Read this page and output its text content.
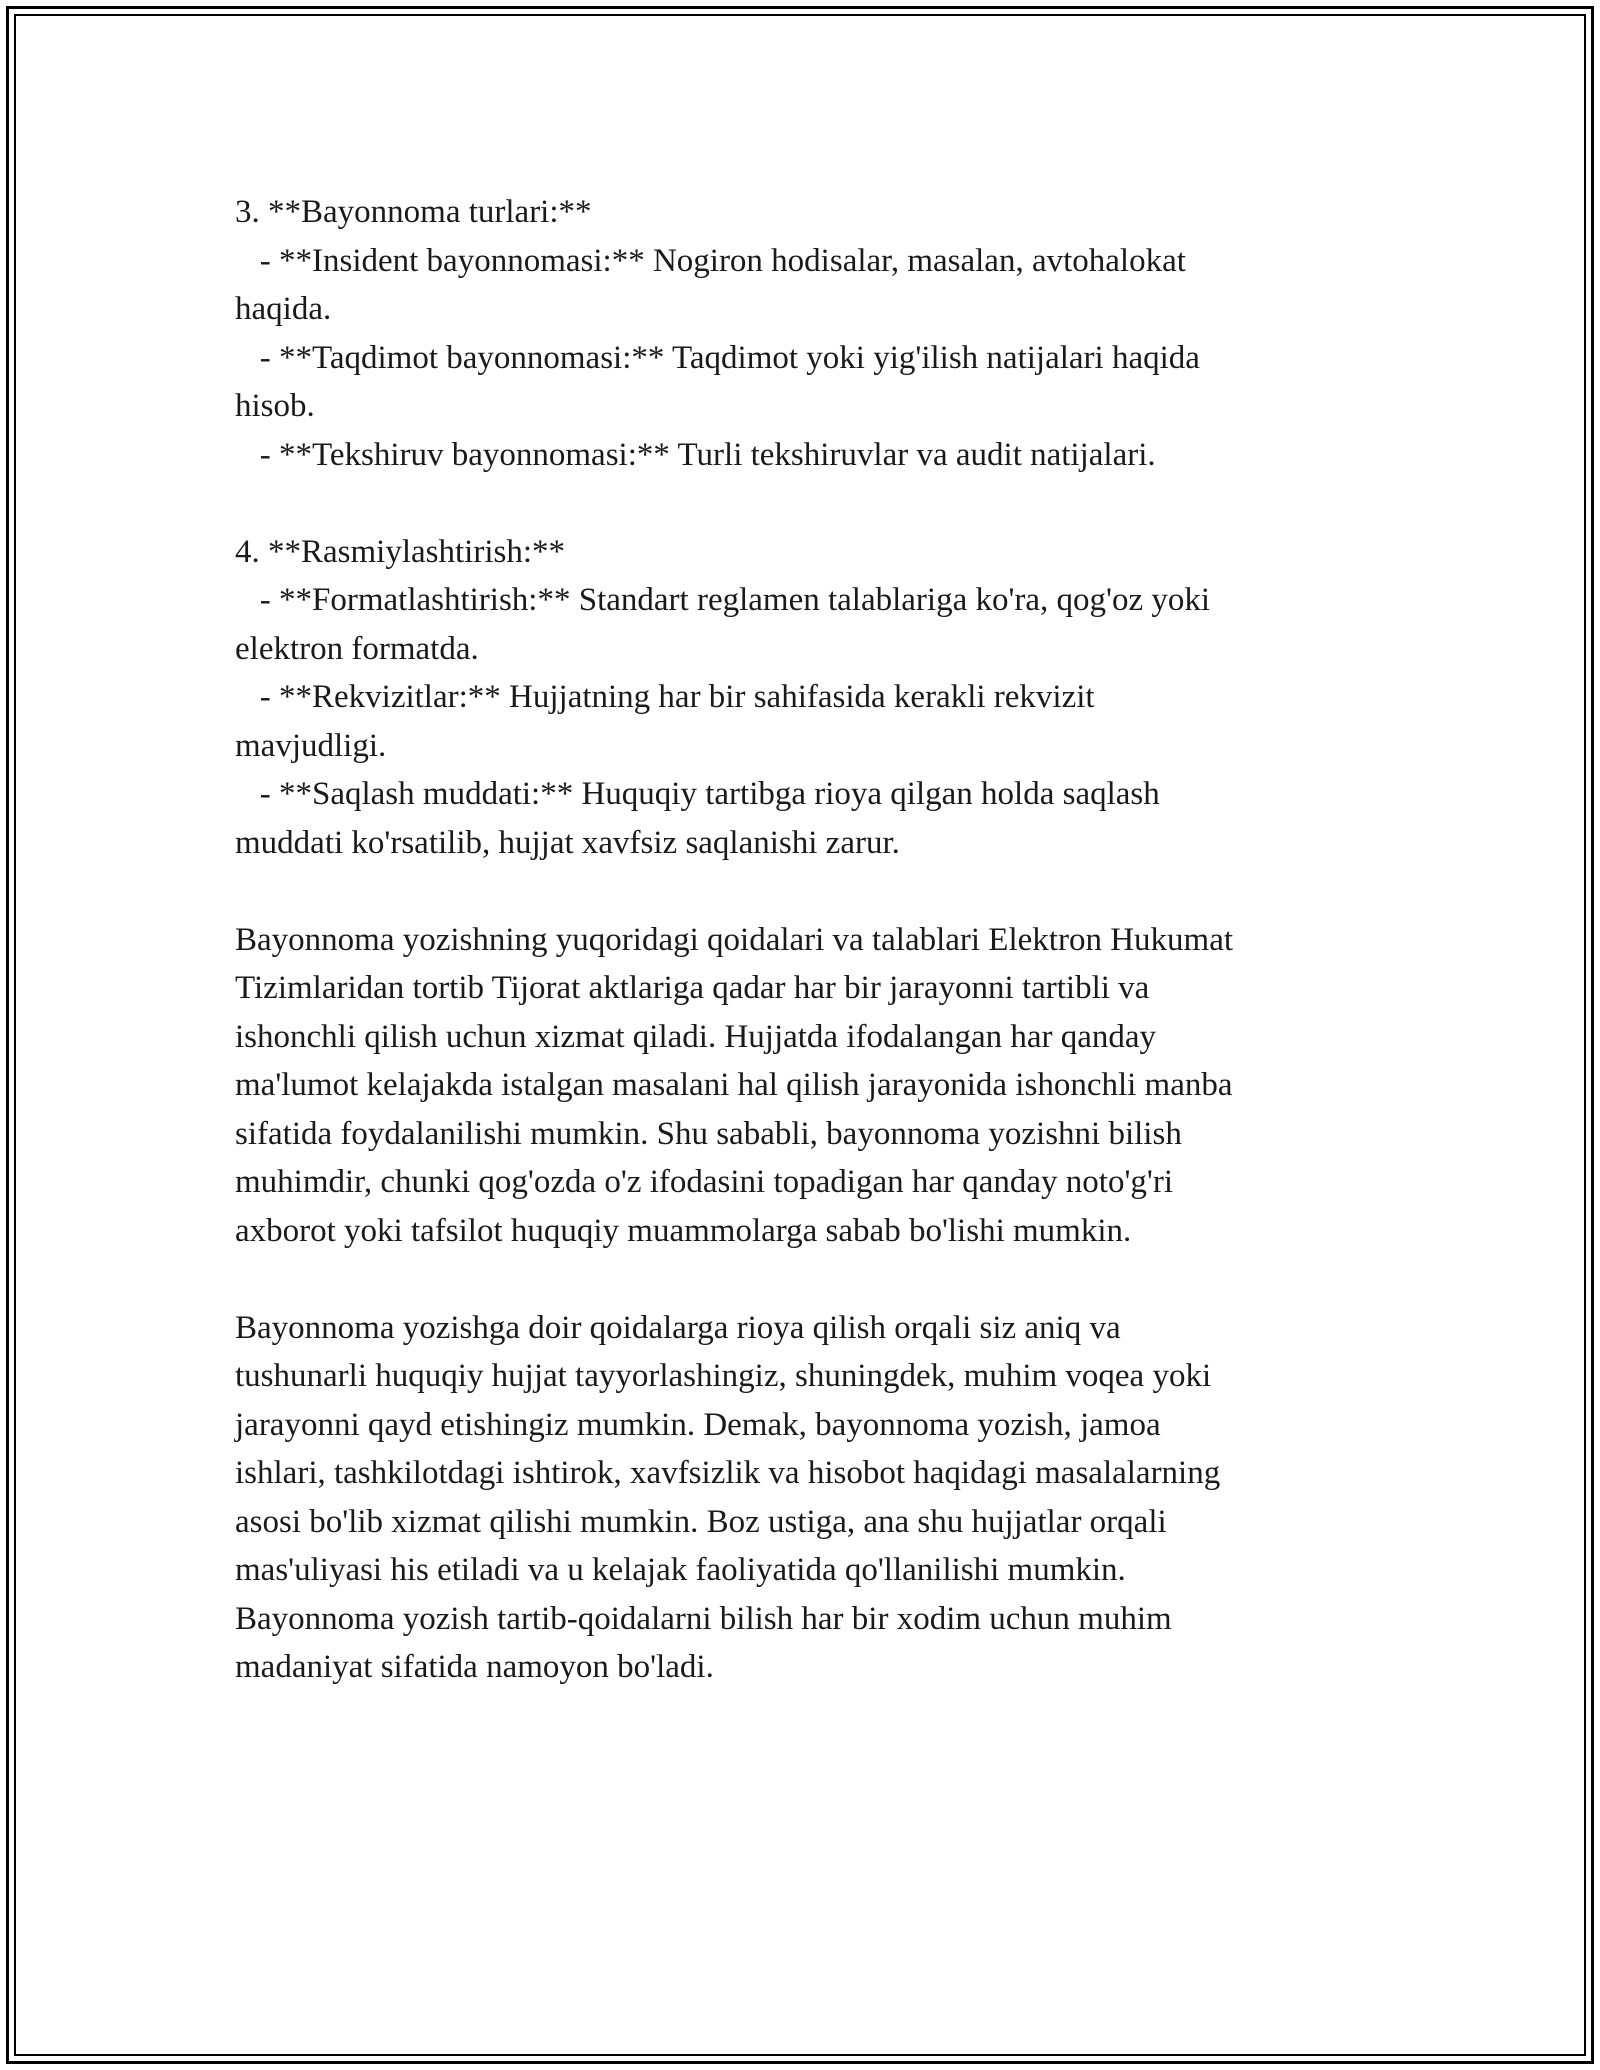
3. **Bayonnoma turlari:**

- **Insident bayonnomasi:** Nogiron hodisalar, masalan, avtohalokat

haqida.

- **Taqdimot bayonnomasi:** Taqdimot yoki yig'ilish natijalari haqida

hisob.

- **Tekshiruv bayonnomasi:** Turli tekshiruvlar va audit natijalari.

4. **Rasmiylashtirish:**

- **Formatlashtirish:** Standart reglamen talablariga ko'ra, qog'oz yoki

elektron formatda.

- **Rekvizitlar:** Hujjatning har bir sahifasida kerakli rekvizit

mavjudligi.

- **Saqlash muddati:** Huquqiy tartibga rioya qilgan holda saqlash

muddati ko'rsatilib, hujjat xavfsiz saqlanishi zarur.

Bayonnoma yozishning yuqoridagi qoidalari va talablari Elektron Hukumat

Tizimlaridan tortib Tijorat aktlariga qadar har bir jarayonni tartibli va

ishonchli qilish uchun xizmat qiladi. Hujjatda ifodalangan har qanday

ma'lumot kelajakda istalgan masalani hal qilish jarayonida ishonchli manba

sifatida foydalanilishi mumkin. Shu sababli, bayonnoma yozishni bilish

muhimdir, chunki qog'ozda o'z ifodasini topadigan har qanday noto'g'ri

axborot yoki tafsilot huquqiy muammolarga sabab bo'lishi mumkin.

Bayonnoma yozishga doir qoidalarga rioya qilish orqali siz aniq va

tushunarli huquqiy hujjat tayyorlashingiz, shuningdek, muhim voqea yoki

jarayonni qayd etishingiz mumkin. Demak, bayonnoma yozish, jamoa

ishlari, tashkilotdagi ishtirok, xavfsizlik va hisobot haqidagi masalalarning

asosi bo'lib xizmat qilishi mumkin. Boz ustiga, ana shu hujjatlar orqali

mas'uliyasi his etiladi va u kelajak faoliyatida qo'llanilishi mumkin.

Bayonnoma yozish tartib-qoidalarni bilish har bir xodim uchun muhim

madaniyat sifatida namoyon bo'ladi.
